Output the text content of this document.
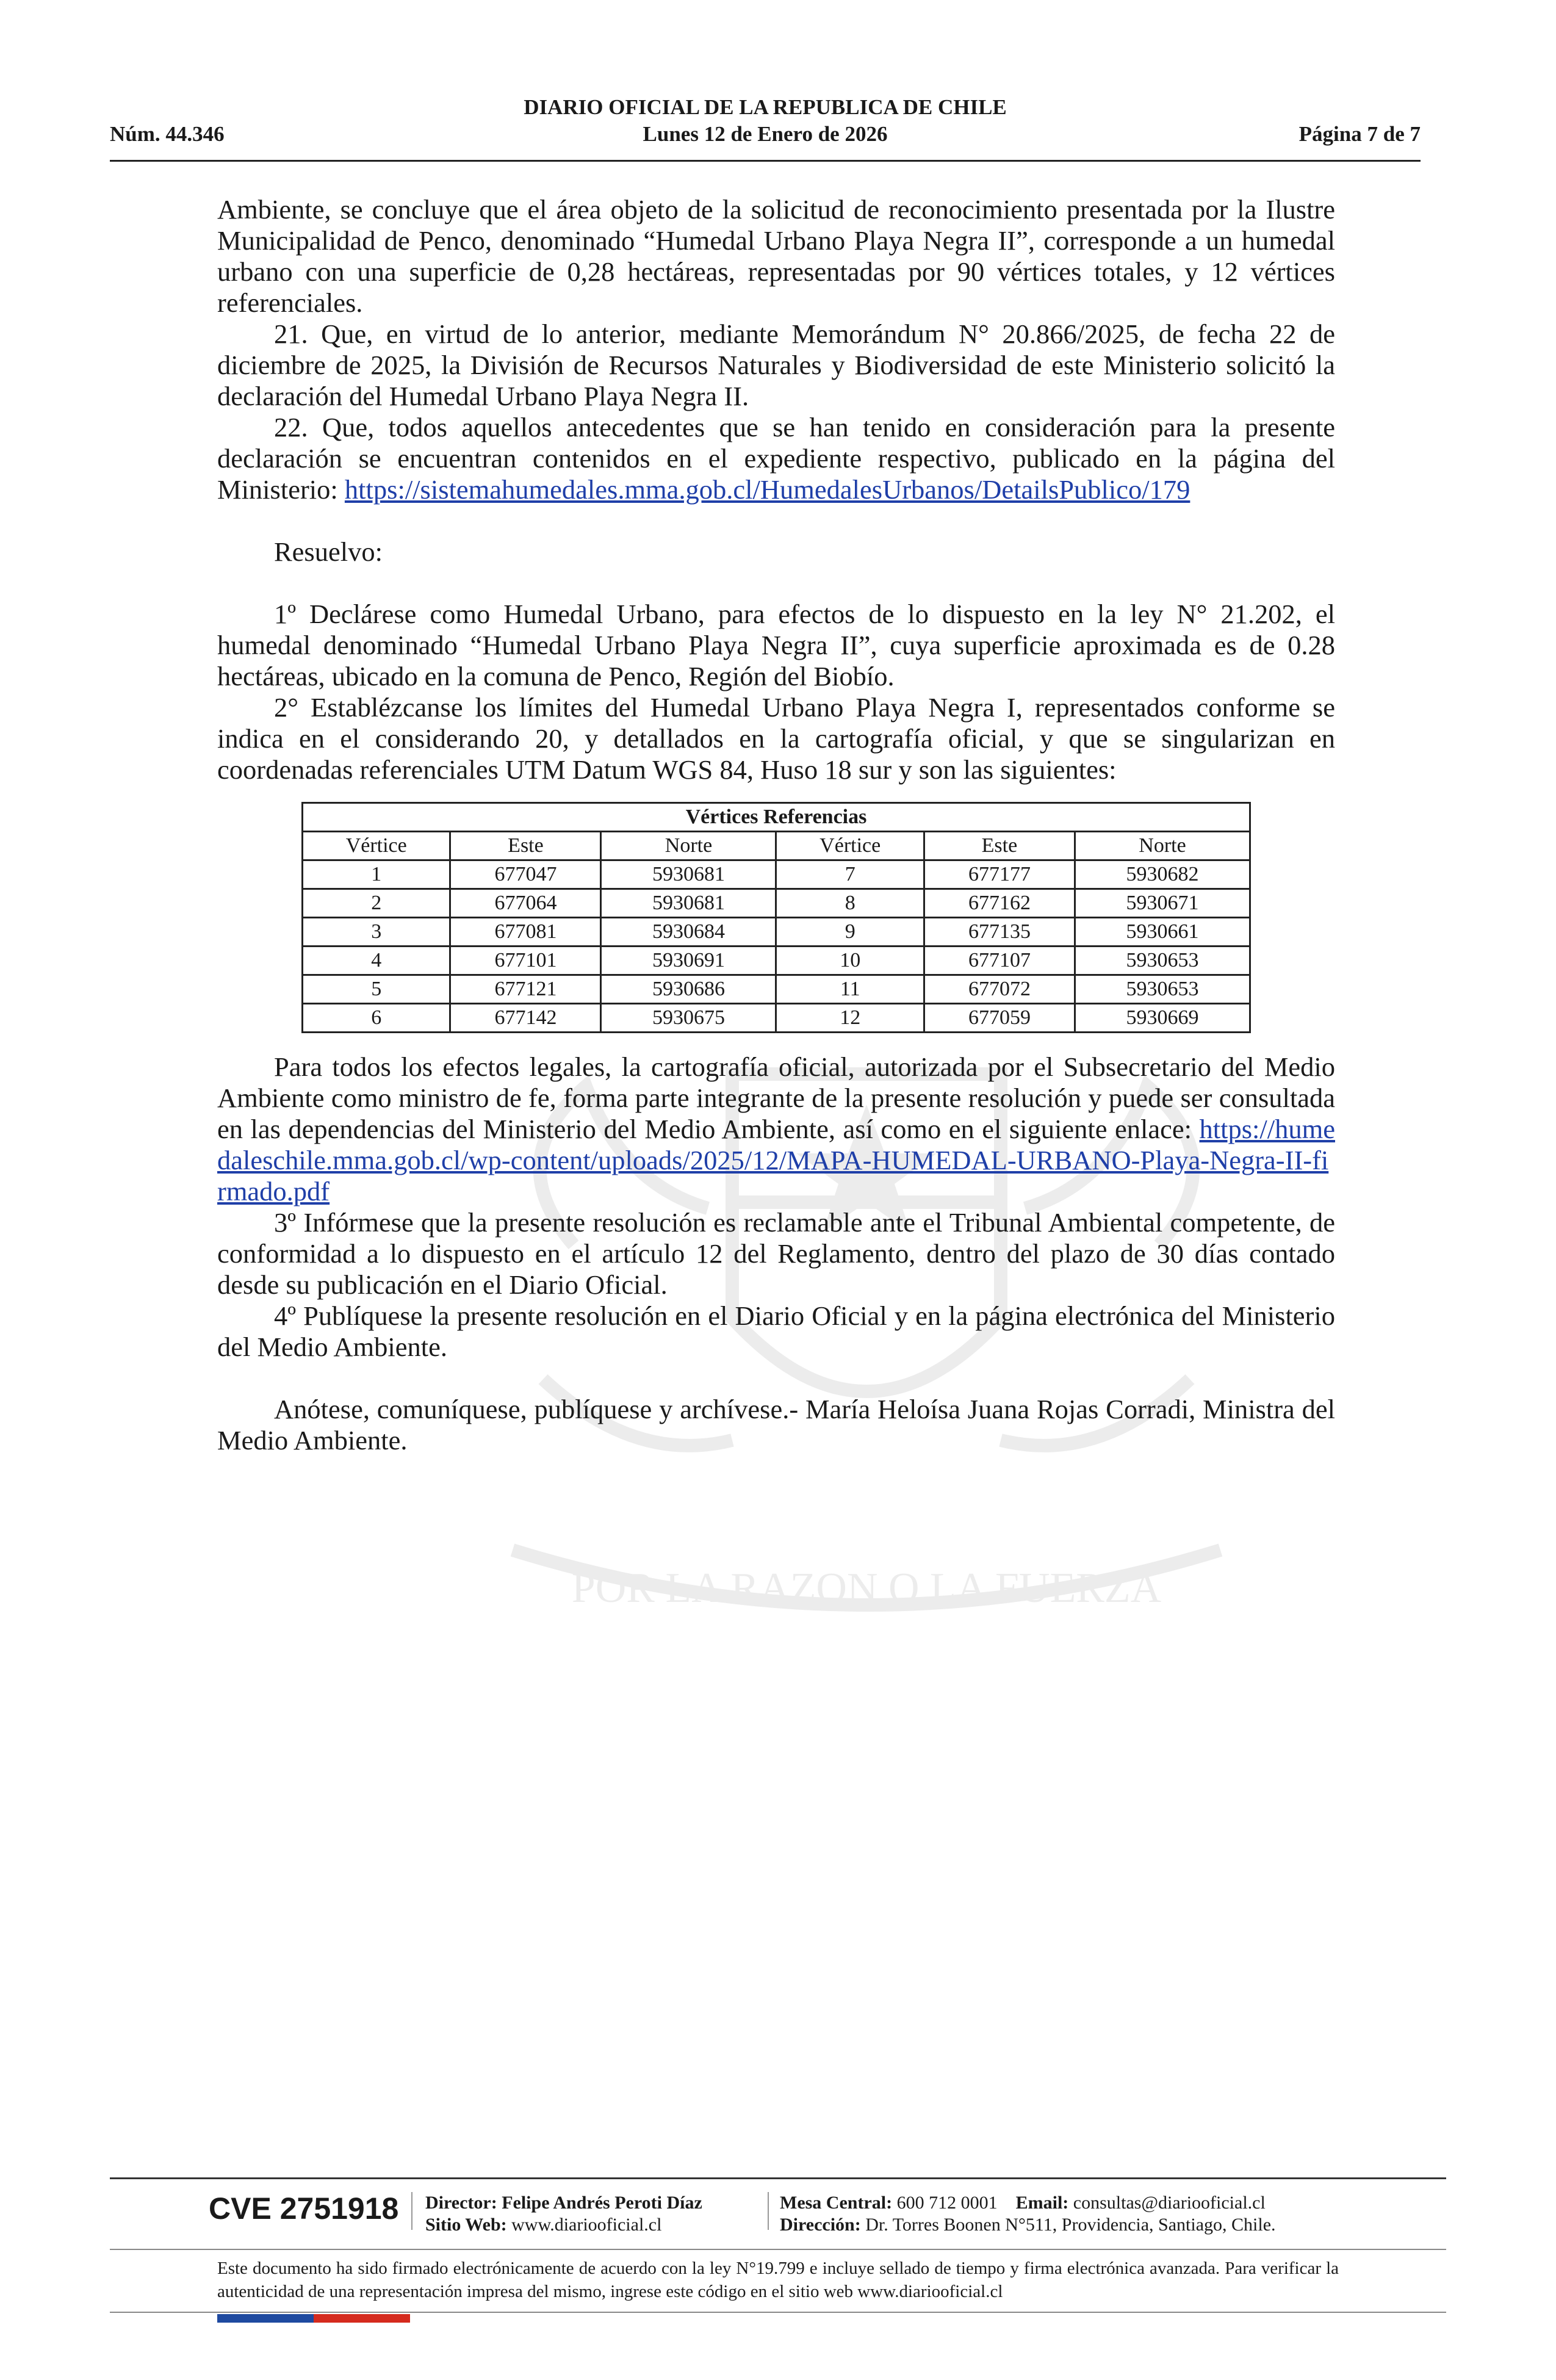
POR LA RAZON O LA FUERZA
DIARIO OFICIAL DE LA REPUBLICA DE CHILE
Lunes 12 de Enero de 2026
Núm. 44.346	Página 7 de 7

Ambiente, se concluye que el área objeto de la solicitud de reconocimiento presentada por la Ilustre Municipalidad de Penco, denominado “Humedal Urbano Playa Negra II”, corresponde a un humedal urbano con una superficie de 0,28 hectáreas, representadas por 90 vértices totales, y 12 vértices referenciales.

21. Que, en virtud de lo anterior, mediante Memorándum N° 20.866/2025, de fecha 22 de diciembre de 2025, la División de Recursos Naturales y Biodiversidad de este Ministerio solicitó la declaración del Humedal Urbano Playa Negra II.

22. Que, todos aquellos antecedentes que se han tenido en consideración para la presente declaración se encuentran contenidos en el expediente respectivo, publicado en la página del Ministerio: https://sistemahumedales.mma.gob.cl/HumedalesUrbanos/DetailsPublico/179

Resuelvo:

1º Declárese como Humedal Urbano, para efectos de lo dispuesto en la ley N° 21.202, el humedal denominado “Humedal Urbano Playa Negra II”, cuya superficie aproximada es de 0.28 hectáreas, ubicado en la comuna de Penco, Región del Biobío.

2° Establézcanse los límites del Humedal Urbano Playa Negra I, representados conforme se indica en el considerando 20, y detallados en la cartografía oficial, y que se singularizan en coordenadas referenciales UTM Datum WGS 84, Huso 18 sur y son las siguientes:

Vértices Referencias					
Vértice	Este	Norte	Vértice	Este	Norte
1	677047	5930681	7	677177	5930682
2	677064	5930681	8	677162	5930671
3	677081	5930684	9	677135	5930661
4	677101	5930691	10	677107	5930653
5	677121	5930686	11	677072	5930653
6	677142	5930675	12	677059	5930669

Para todos los efectos legales, la cartografía oficial, autorizada por el Subsecretario del Medio Ambiente como ministro de fe, forma parte integrante de la presente resolución y puede ser consultada en las dependencias del Ministerio del Medio Ambiente, así como en el siguiente enlace: https://humedaleschile.mma.gob.cl/wp-content/uploads/2025/12/MAPA-HUMEDAL-URBANO-Playa-Negra-II-firmado.pdf

3º Infórmese que la presente resolución es reclamable ante el Tribunal Ambiental competente, de conformidad a lo dispuesto en el artículo 12 del Reglamento, dentro del plazo de 30 días contado desde su publicación en el Diario Oficial.

4º Publíquese la presente resolución en el Diario Oficial y en la página electrónica del Ministerio del Medio Ambiente.

Anótese, comuníquese, publíquese y archívese.- María Heloísa Juana Rojas Corradi, Ministra del Medio Ambiente.

CVE 2751918 Director: Felipe Andrés Peroti Díaz
Sitio Web: www.diariooficial.cl
Mesa Central: 600 712 0001 Email: consultas@diariooficial.cl
Dirección: Dr. Torres Boonen N°511, Providencia, Santiago, Chile.
Este documento ha sido firmado electrónicamente de acuerdo con la ley N°19.799 e incluye sellado de tiempo y firma electrónica avanzada. Para verificar la autenticidad de una representación impresa del mismo, ingrese este código en el sitio web www.diariooficial.cl
